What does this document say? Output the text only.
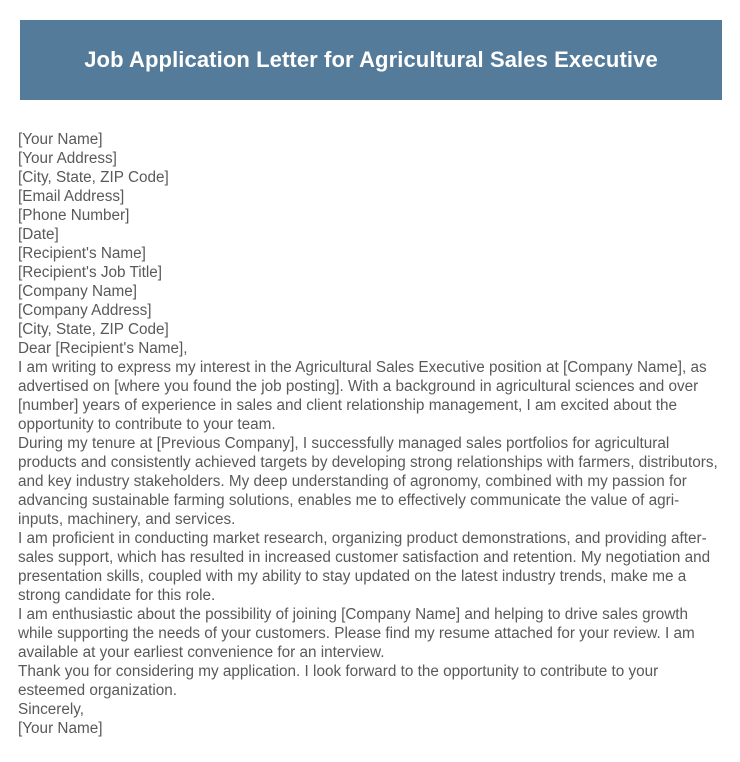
Job Application Letter for Agricultural Sales Executive
[Your Name]
[Your Address]
[City, State, ZIP Code]
[Email Address]
[Phone Number]
[Date]
[Recipient's Name]
[Recipient's Job Title]
[Company Name]
[Company Address]
[City, State, ZIP Code]
Dear [Recipient's Name],

I am writing to express my interest in the Agricultural Sales Executive position at [Company Name], as advertised on [where you found the job posting]. With a background in agricultural sciences and over [number] years of experience in sales and client relationship management, I am excited about the opportunity to contribute to your team.

During my tenure at [Previous Company], I successfully managed sales portfolios for agricultural products and consistently achieved targets by developing strong relationships with farmers, distributors, and key industry stakeholders. My deep understanding of agronomy, combined with my passion for advancing sustainable farming solutions, enables me to effectively communicate the value of agri-inputs, machinery, and services.

I am proficient in conducting market research, organizing product demonstrations, and providing after-sales support, which has resulted in increased customer satisfaction and retention. My negotiation and presentation skills, coupled with my ability to stay updated on the latest industry trends, make me a strong candidate for this role.

I am enthusiastic about the possibility of joining [Company Name] and helping to drive sales growth while supporting the needs of your customers. Please find my resume attached for your review. I am available at your earliest convenience for an interview.

Thank you for considering my application. I look forward to the opportunity to contribute to your esteemed organization.

Sincerely,
[Your Name]
